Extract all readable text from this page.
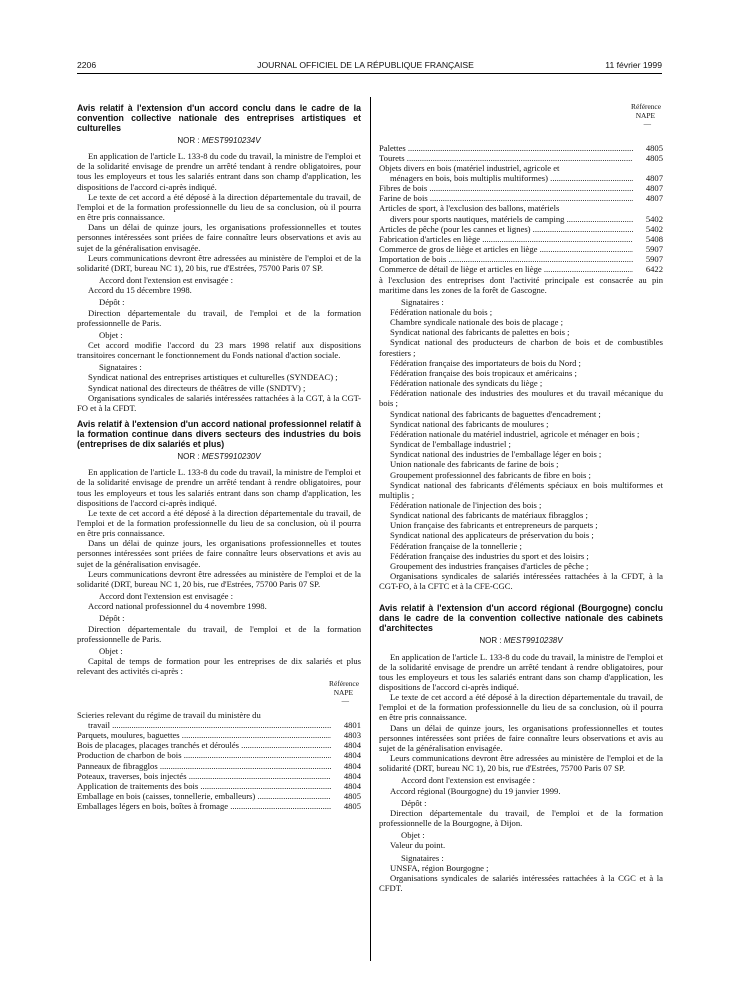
2206	JOURNAL OFFICIEL DE LA RÉPUBLIQUE FRANÇAISE	11 février 1999

Avis relatif à l'extension d'un accord conclu dans le cadre de la convention collective nationale des entreprises artistiques et culturelles

NOR : MESТ9910234V

En application de l'article L. 133-8 du code du travail, la ministre de l'emploi et de la solidarité envisage de prendre un arrêté tendant à rendre obligatoires, pour tous les employeurs et tous les salariés entrant dans son champ d'application, les dispositions de l'accord ci-après indiqué.

Le texte de cet accord a été déposé à la direction départementale du travail, de l'emploi et de la formation professionnelle du lieu de sa conclusion, où il pourra en être pris connaissance.

Dans un délai de quinze jours, les organisations professionnelles et toutes personnes intéressées sont priées de faire connaître leurs observations et avis au sujet de la généralisation envisagée.

Leurs communications devront être adressées au ministère de l'emploi et de la solidarité (DRT, bureau NC 1), 20 bis, rue d'Estrées, 75700 Paris 07 SP.

Accord dont l'extension est envisagée :

Accord du 15 décembre 1998.

Dépôt :

Direction départementale du travail, de l'emploi et de la formation professionnelle de Paris.

Objet :

Cet accord modifie l'accord du 23 mars 1998 relatif aux dispositions transitoires concernant le fonctionnement du Fonds national d'action sociale.

Signataires :

Syndicat national des entreprises artistiques et culturelles (SYNDEAC) ;

Syndicat national des directeurs de théâtres de ville (SNDTV) ;

Organisations syndicales de salariés intéressées rattachées à la CGT, à la CGT-FO et à la CFDT.

Avis relatif à l'extension d'un accord national professionnel relatif à la formation continue dans divers secteurs des industries du bois (entreprises de dix salariés et plus)

NOR : MESТ9910230V

En application de l'article L. 133-8 du code du travail, la ministre de l'emploi et de la solidarité envisage de prendre un arrêté tendant à rendre obligatoires, pour tous les employeurs et tous les salariés entrant dans son champ d'application, les dispositions de l'accord ci-après indiqué.

Le texte de cet accord a été déposé à la direction départementale du travail, de l'emploi et de la formation professionnelle du lieu de sa conclusion, où il pourra en être pris connaissance.

Dans un délai de quinze jours, les organisations professionnelles et toutes personnes intéressées sont priées de faire connaître leurs observations et avis au sujet de la généralisation envisagée.

Leurs communications devront être adressées au ministère de l'emploi et de la solidarité (DRT, bureau NC 1, 20 bis, rue d'Estrées, 75700 Paris 07 SP.

Accord dont l'extension est envisagée :

Accord national professionnel du 4 novembre 1998.

Dépôt :

Direction départementale du travail, de l'emploi et de la formation professionnelle de Paris.

Objet :

Capital de temps de formation pour les entreprises de dix salariés et plus relevant des activités ci-après :

Référence
NAPE
—
Scieries relevant du régime de travail du ministère du
travail .....	4801
Parquets, moulures, baguettes .....	4803
Bois de placages, placages tranchés et déroulés .....	4804
Production de charbon de bois .....	4804
Panneaux de fibragglos .....	4804
Poteaux, traverses, bois injectés .....	4804
Application de traitements des bois .....	4804
Emballage en bois (caisses, tonnellerie, emballeurs) .....	4805
Emballages légers en bois, boîtes à fromage .....	4805
Référence
NAPE
—
Palettes .....	4805
Tourets .....	4805
Objets divers en bois (matériel industriel, agricole et
ménagers en bois, bois multiplis multiformes) .....	4807
Fibres de bois .....	4807
Farine de bois .....	4807
Articles de sport, à l'exclusion des ballons, matériels
divers pour sports nautiques, matériels de camping .....	5402
Articles de pêche (pour les cannes et lignes) .....	5402
Fabrication d'articles en liège .....	5408
Commerce de gros de liège et articles en liège .....	5907
Importation de bois .....	5907
Commerce de détail de liège et articles en liège .....	6422

à l'exclusion des entreprises dont l'activité principale est consacrée au pin maritime dans les zones de la forêt de Gascogne.

Signataires :

Fédération nationale du bois ;

Chambre syndicale nationale des bois de placage ;

Syndicat national des fabricants de palettes en bois ;

Syndicat national des producteurs de charbon de bois et de combustibles forestiers ;

Fédération française des importateurs de bois du Nord ;

Fédération française des bois tropicaux et américains ;

Fédération nationale des syndicats du liège ;

Fédération nationale des industries des moulures et du travail mécanique du bois ;

Syndicat national des fabricants de baguettes d'encadrement ;

Syndicat national des fabricants de moulures ;

Fédération nationale du matériel industriel, agricole et ménager en bois ;

Syndicat de l'emballage industriel ;

Syndicat national des industries de l'emballage léger en bois ;

Union nationale des fabricants de farine de bois ;

Groupement professionnel des fabricants de fibre en bois ;

Syndicat national des fabricants d'éléments spéciaux en bois multiformes et multiplis ;

Fédération nationale de l'injection des bois ;

Syndicat national des fabricants de matériaux fibragglos ;

Union française des fabricants et entrepreneurs de parquets ;

Syndicat national des applicateurs de préservation du bois ;

Fédération française de la tonnellerie ;

Fédération française des industries du sport et des loisirs ;

Groupement des industries françaises d'articles de pêche ;

Organisations syndicales de salariés intéressées rattachées à la CFDT, à la CGT-FO, à la CFTC et à la CFE-CGC.

Avis relatif à l'extension d'un accord régional (Bourgogne) conclu dans le cadre de la convention collective nationale des cabinets d'architectes

NOR : MESТ9910238V

En application de l'article L. 133-8 du code du travail, la ministre de l'emploi et de la solidarité envisage de prendre un arrêté tendant à rendre obligatoires, pour tous les employeurs et tous les salariés entrant dans son champ d'application, les dispositions de l'accord ci-après indiqué.

Le texte de cet accord a été déposé à la direction départementale du travail, de l'emploi et de la formation professionnelle du lieu de sa conclusion, où il pourra en être pris connaissance.

Dans un délai de quinze jours, les organisations professionnelles et toutes personnes intéressées sont priées de faire connaître leurs observations et avis au sujet de la généralisation envisagée.

Leurs communications devront être adressées au ministère de l'emploi et de la solidarité (DRT, bureau NC 1), 20 bis, rue d'Estrées, 75700 Paris 07 SP.

Accord dont l'extension est envisagée :

Accord régional (Bourgogne) du 19 janvier 1999.

Dépôt :

Direction départementale du travail, de l'emploi et de la formation professionnelle de la Bourgogne, à Dijon.

Objet :

Valeur du point.

Signataires :

UNSFA, région Bourgogne ;

Organisations syndicales de salariés intéressées rattachées à la CGC et à la CFDT.
